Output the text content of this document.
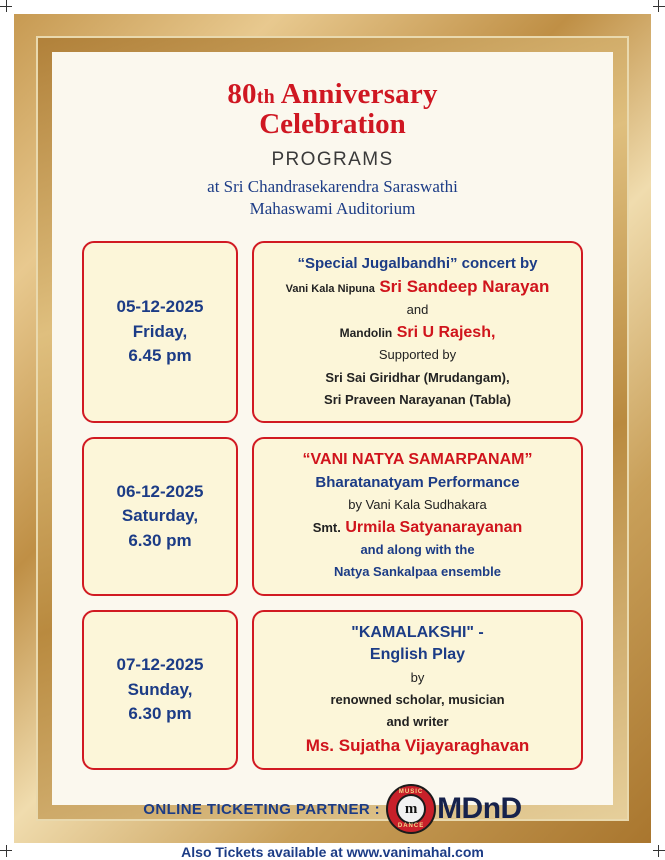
80th Anniversary
Celebration
PROGRAMS
at Sri Chandrasekarendra Saraswathi
Mahaswami Auditorium
05-12-2025
Friday,
6.45 pm
“Special Jugalbandhi” concert by
Vani Kala Nipuna Sri Sandeep Narayan
and
Mandolin Sri U Rajesh,
Supported by
Sri Sai Giridhar (Mrudangam),
Sri Praveen Narayanan (Tabla)
06-12-2025
Saturday,
6.30 pm
“VANI NATYA SAMARPANAM”
Bharatanatyam Performance
by Vani Kala Sudhakara
Smt. Urmila Satyanarayanan
and along with the
Natya Sankalpaa ensemble
07-12-2025
Sunday,
6.30 pm
"KAMALAKSHI" -
English Play
by
renowned scholar, musician
and writer
Ms. Sujatha Vijayaraghavan
ONLINE TICKETING PARTNER :
MUSIC
DANCE
m MDnD
Also Tickets available at www.vanimahal.com
